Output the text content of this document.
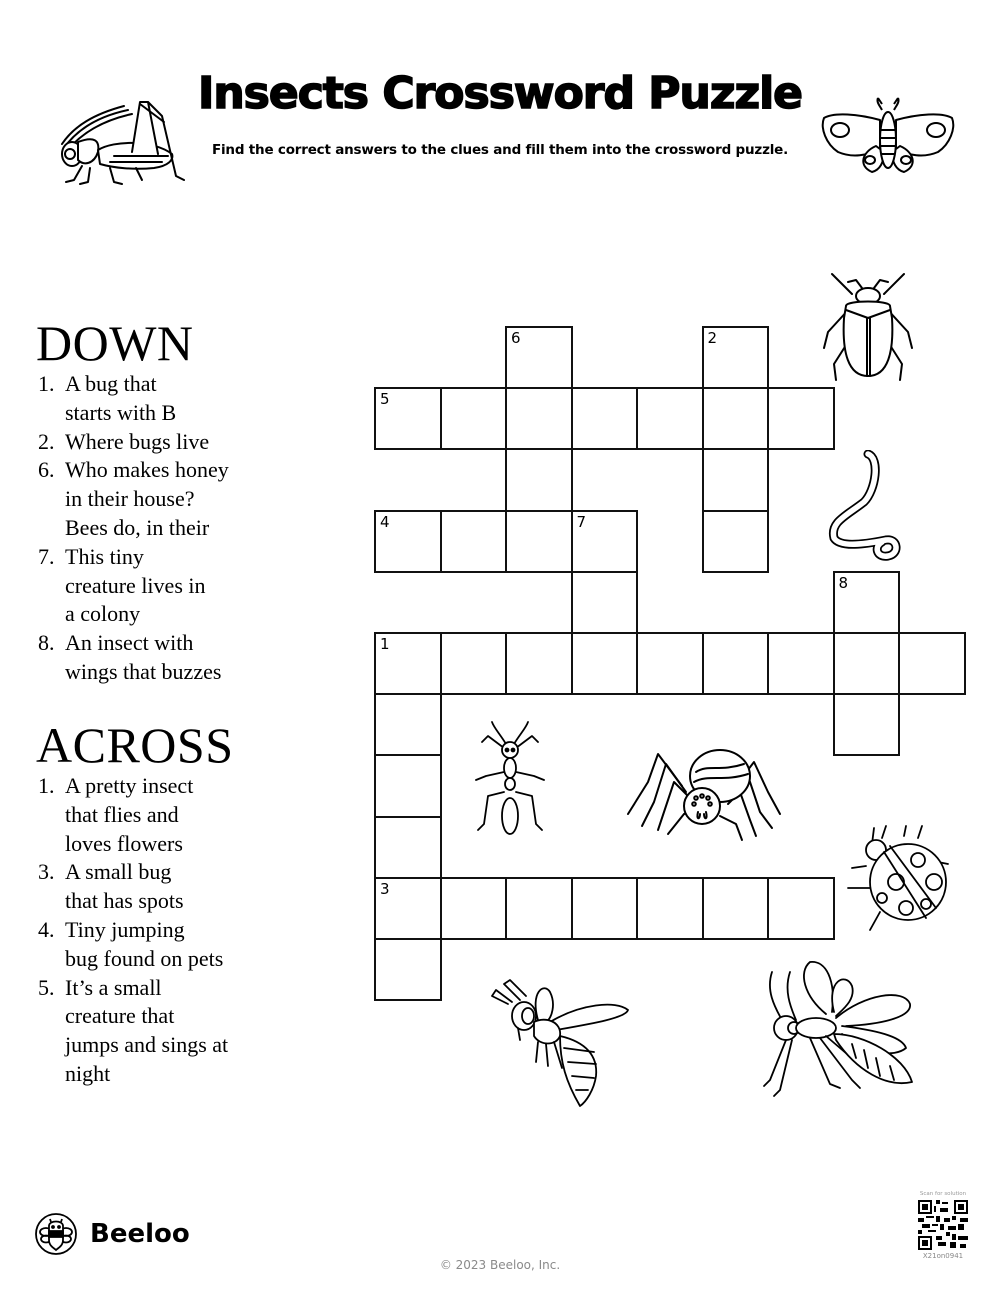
Insects Crossword Puzzle
Find the correct answers to the clues and fill them into the crossword puzzle.
DOWN
1. A bug that
starts with B
2. Where bugs live
6. Who makes honey
in their house?
Bees do, in their
7. This tiny
creature lives in
a colony
8. An insect with
wings that buzzes
ACROSS
1. A pretty insect
that flies and
loves flowers
3. A small bug
that has spots
4. Tiny jumping
bug found on pets
5. It’s a small
creature that
jumps and sings at
night
6	2
5
4	7
8
1
3
Beeloo
© 2023 Beeloo, Inc.
Scan for solution
X21on0941
